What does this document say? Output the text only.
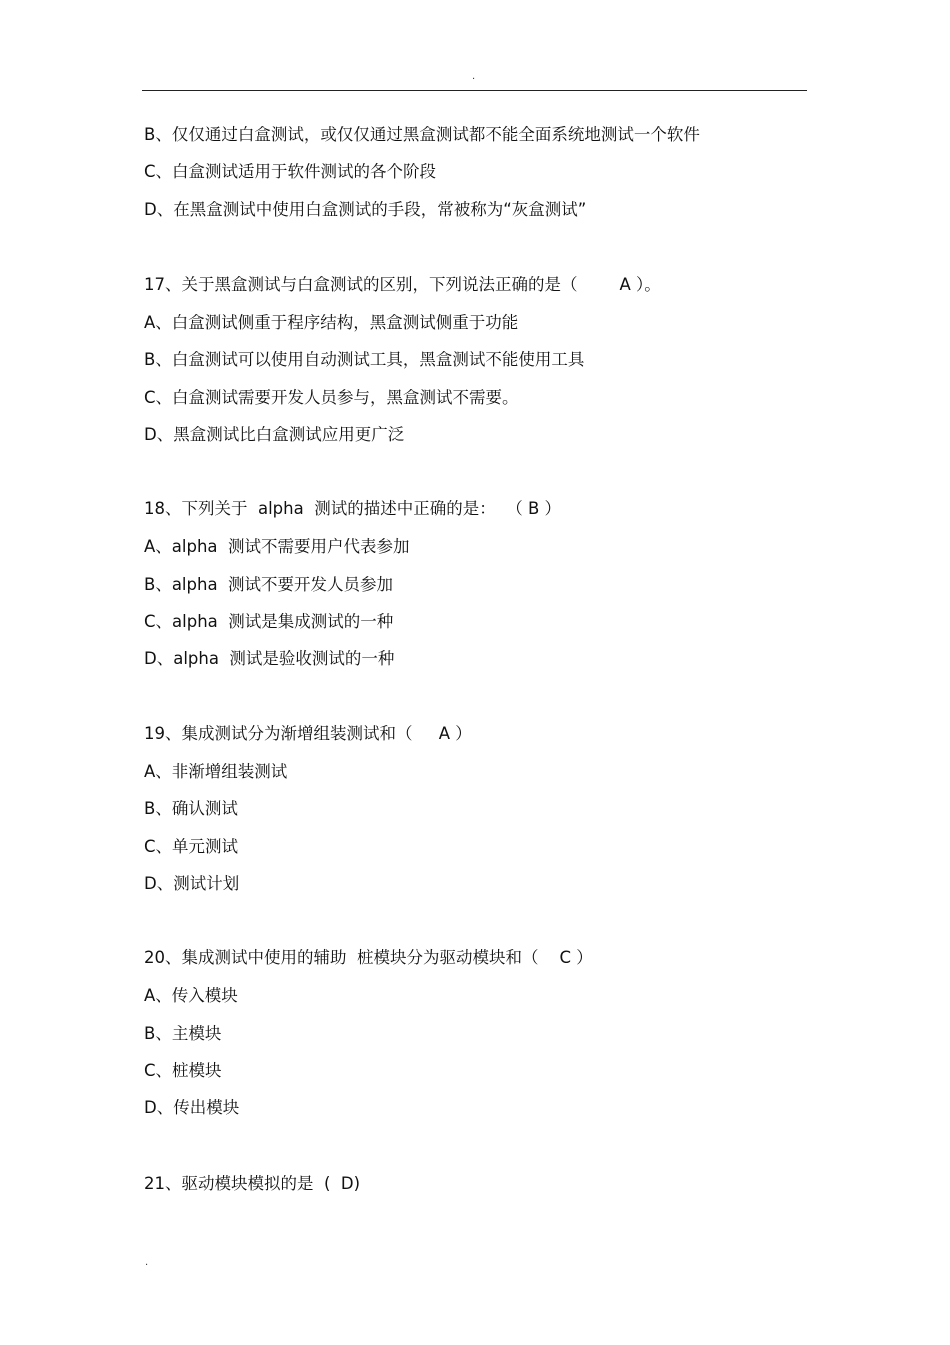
.
B、仅仅通过白盒测试，或仅仅通过黑盒测试都不能全面系统地测试一个软件
C、白盒测试适用于软件测试的各个阶段
D、在黑盒测试中使用白盒测试的手段，常被称为“灰盒测试”
17、关于黑盒测试与白盒测试的区别，下列说法正确的是（        A ）。
A、白盒测试侧重于程序结构，黑盒测试侧重于功能
B、白盒测试可以使用自动测试工具，黑盒测试不能使用工具
C、白盒测试需要开发人员参与，黑盒测试不需要。
D、黑盒测试比白盒测试应用更广泛
18、下列关于  alpha  测试的描述中正确的是：  （ B ）
A、alpha  测试不需要用户代表参加
B、alpha  测试不要开发人员参加
C、alpha  测试是集成测试的一种
D、alpha  测试是验收测试的一种
19、集成测试分为渐增组装测试和（     A ）
A、非渐增组装测试
B、确认测试
C、单元测试
D、测试计划
20、集成测试中使用的辅助  桩模块分为驱动模块和（    C ）
A、传入模块
B、主模块
C、桩模块
D、传出模块
21、驱动模块模拟的是  (  D)
.
